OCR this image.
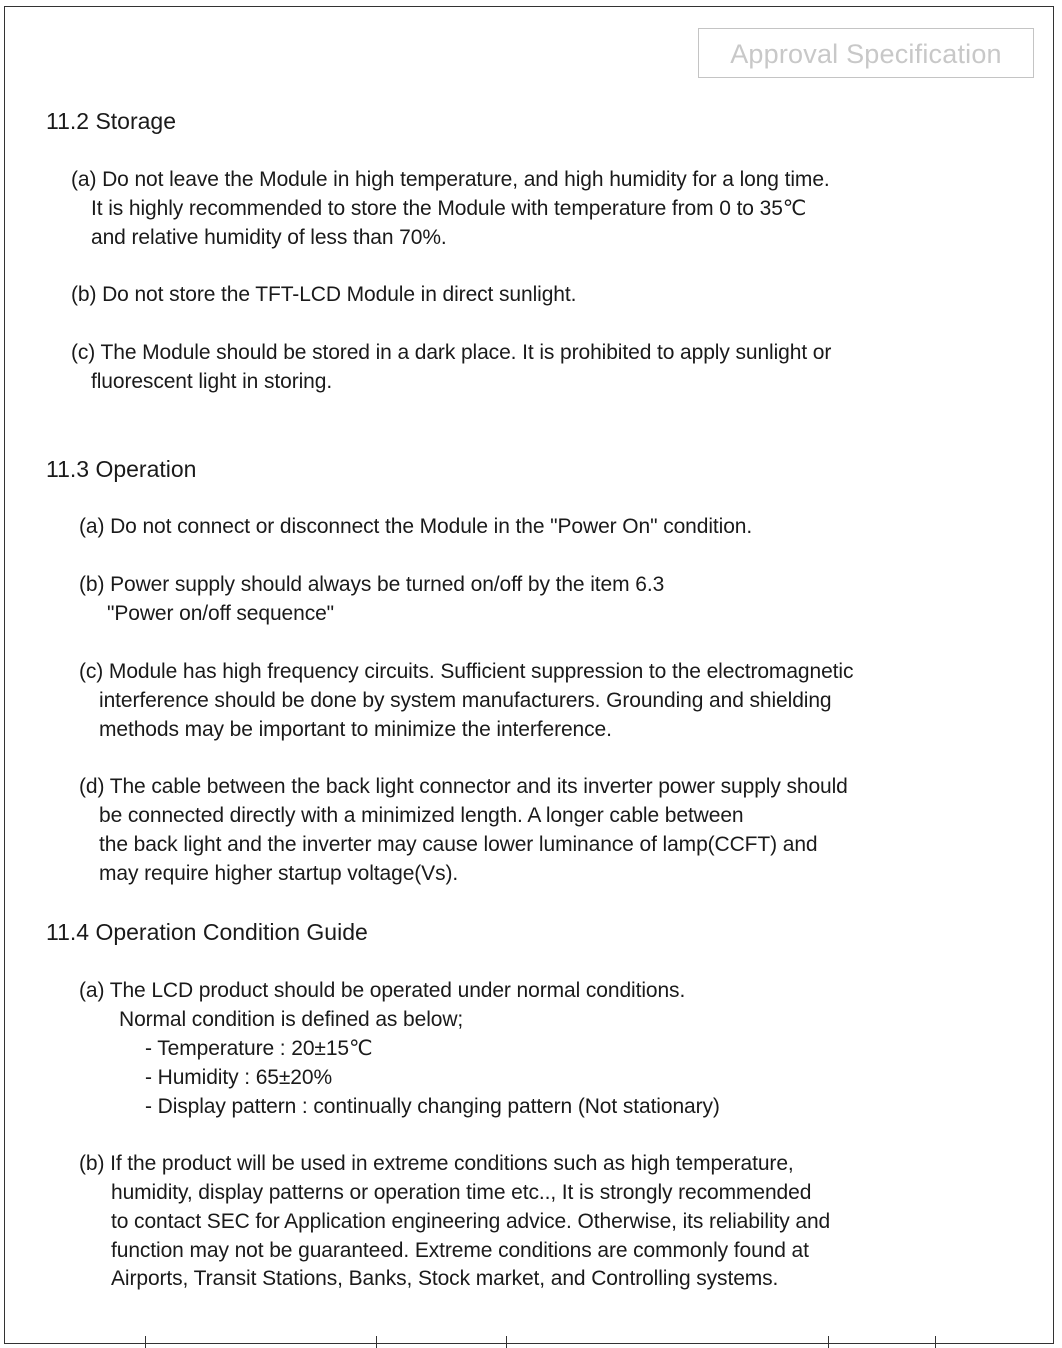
Approval Specification
11.2 Storage
(a) Do not leave the Module in high temperature, and high humidity for a long time.
It is highly recommended to store the Module with temperature from 0 to 35℃
and relative humidity of less than 70%.
(b) Do not store the TFT-LCD Module in direct sunlight.
(c) The Module should be stored in a dark place. It is prohibited to apply sunlight or
fluorescent light in storing.
11.3 Operation
(a) Do not connect or disconnect the Module in the "Power On" condition.
(b) Power supply should always be turned on/off by the item 6.3
"Power on/off sequence"
(c) Module has high frequency circuits. Sufficient suppression to the electromagnetic
interference should be done by system manufacturers. Grounding and shielding
methods may be important to minimize the interference.
(d) The cable between the back light connector and its inverter power supply should
be connected directly with a minimized length. A longer cable between
the back light and the inverter may cause lower luminance of lamp(CCFT) and
may require higher startup voltage(Vs).
11.4 Operation Condition Guide
(a) The LCD product should be operated under normal conditions.
Normal condition is defined as below;
- Temperature : 20±15℃
- Humidity : 65±20%
- Display pattern : continually changing pattern (Not stationary)
(b) If the product will be used in extreme conditions such as high temperature,
humidity, display patterns or operation time etc.., It is strongly recommended
to contact SEC for Application engineering advice. Otherwise, its reliability and
function may not be guaranteed. Extreme conditions are commonly found at
Airports, Transit Stations, Banks, Stock market, and Controlling systems.
